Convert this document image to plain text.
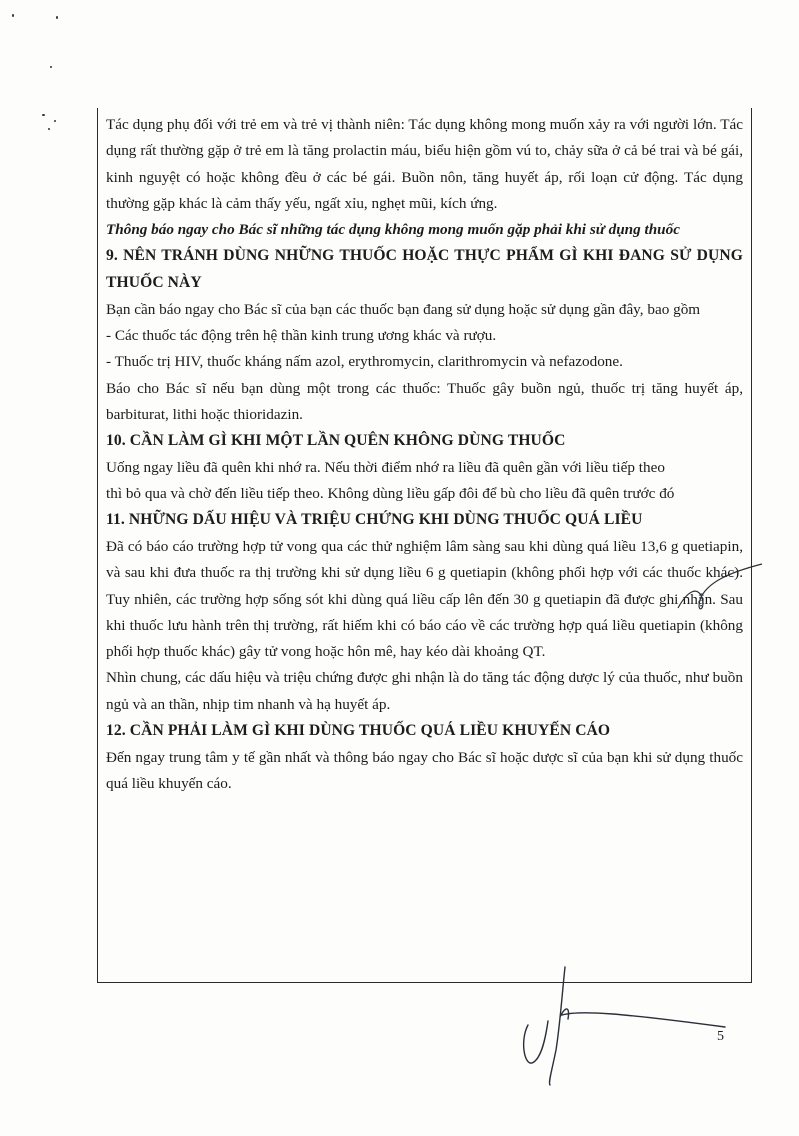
Tác dụng phụ đối với trẻ em và trẻ vị thành niên: Tác dụng không mong muốn xảy ra với người lớn. Tác dụng rất thường gặp ở trẻ em là tăng prolactin máu, biểu hiện gồm vú to, chảy sữa ở cả bé trai và bé gái, kinh nguyệt có hoặc không đều ở các bé gái. Buồn nôn, tăng huyết áp, rối loạn cử động. Tác dụng thường gặp khác là cảm thấy yếu, ngất xỉu, nghẹt mũi, kích ứng.

Thông báo ngay cho Bác sĩ những tác dụng không mong muốn gặp phải khi sử dụng thuốc

9. NÊN TRÁNH DÙNG NHỮNG THUỐC HOẶC THỰC PHẨM GÌ KHI ĐANG SỬ DỤNG THUỐC NÀY

Bạn cần báo ngay cho Bác sĩ của bạn các thuốc bạn đang sử dụng hoặc sử dụng gần đây, bao gồm

- Các thuốc tác động trên hệ thần kinh trung ương khác và rượu.

- Thuốc trị HIV, thuốc kháng nấm azol, erythromycin, clarithromycin và nefazodone.

Báo cho Bác sĩ nếu bạn dùng một trong các thuốc: Thuốc gây buồn ngủ, thuốc trị tăng huyết áp, barbiturat, lithi hoặc thioridazin.

10. CẦN LÀM GÌ KHI MỘT LẦN QUÊN KHÔNG DÙNG THUỐC

Uống ngay liều đã quên khi nhớ ra. Nếu thời điểm nhớ ra liều đã quên gần với liều tiếp theo

thì bỏ qua và chờ đến liều tiếp theo. Không dùng liều gấp đôi để bù cho liều đã quên trước đó

11. NHỮNG DẤU HIỆU VÀ TRIỆU CHỨNG KHI DÙNG THUỐC QUÁ LIỀU

Đã có báo cáo trường hợp tử vong qua các thử nghiệm lâm sàng sau khi dùng quá liều 13,6 g quetiapin, và sau khi đưa thuốc ra thị trường khi sử dụng liều 6 g quetiapin (không phối hợp với các thuốc khác). Tuy nhiên, các trường hợp sống sót khi dùng quá liều cấp lên đến 30 g quetiapin đã được ghi nhận. Sau khi thuốc lưu hành trên thị trường, rất hiếm khi có báo cáo về các trường hợp quá liều quetiapin (không phối hợp thuốc khác) gây tử vong hoặc hôn mê, hay kéo dài khoảng QT.

Nhìn chung, các dấu hiệu và triệu chứng được ghi nhận là do tăng tác động dược lý của thuốc, như buồn ngủ và an thần, nhịp tim nhanh và hạ huyết áp.

12. CẦN PHẢI LÀM GÌ KHI DÙNG THUỐC QUÁ LIỀU KHUYẾN CÁO

Đến ngay trung tâm y tế gần nhất và thông báo ngay cho Bác sĩ hoặc dược sĩ của bạn khi sử dụng thuốc quá liều khuyến cáo.

5
